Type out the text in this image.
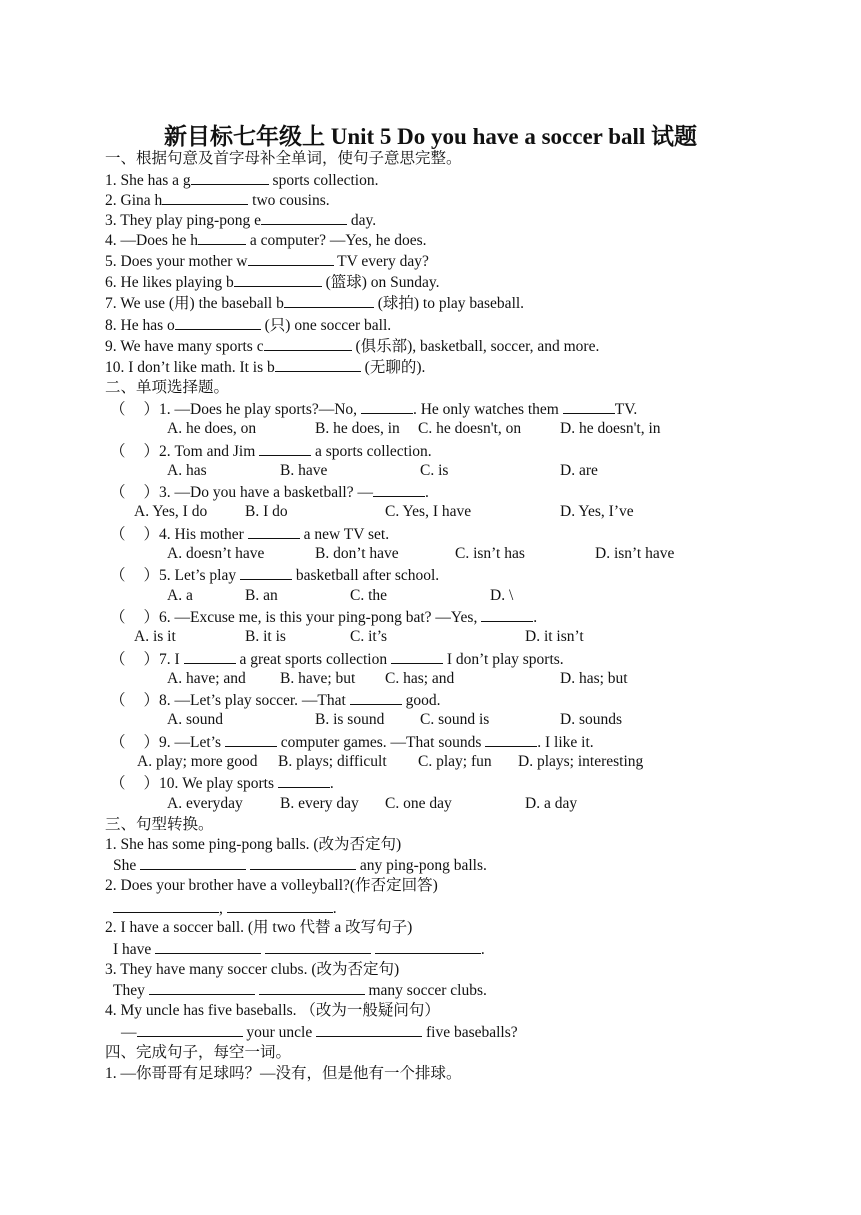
新目标七年级上 Unit 5 Do you have a soccer ball 试题
一、根据句意及首字母补全单词，使句子意思完整。
1. She has a g	sports collection.
2. Gina h	two cousins.
3. They play ping-pong e	day.
4. —Does he h	a computer? —Yes, he does.
5. Does your mother w	TV every day?
6. He likes playing b	(篮球) on Sunday.
7. We use (用) the baseball b	(球拍) to play baseball.
8. He has o	(只) one soccer ball.
9. We have many sports c	(俱乐部), basketball, soccer, and more.
10. I don’t like math. It is b	(无聊的).
二、单项选择题。
（ ）1. —Does he play sports?—No,	. He only watches them	TV.
A. he does, on	B. he does, in C. he doesn't, on	D. he doesn't, in
（ ）2. Tom and Jim	a sports collection.
A. has	B. have	C. is	D. are
（ ）3. —Do you have a basketball? —	.
A. Yes, I do B. I do	C. Yes, I have	D. Yes, I’ve
（ ）4. His mother	a new TV set.
A. doesn’t have	B. don’t have	C. isn’t has	D. isn’t have
（ ）5. Let’s play	basketball after school.
A. a	B. an	C. the	D. \
（ ）6. —Excuse me, is this your ping-pong bat? —Yes,	.
A. is it	B. it is	C. it’s	D. it isn’t
（ ）7. I	a great sports collection	I don’t play sports.
A. have; and B. have; but C. has; and	D. has; but
（ ）8. —Let’s play soccer. —That	good.
A. sound	B. is sound C. sound is	D. sounds
（ ）9. —Let’s	computer games. —That sounds	. I like it.
A. play; more good B. plays; difficult C. play; fun D. plays; interesting
（ ）10. We play sports	.
A. everyday B. every day C. one day	D. a day
三、句型转换。
1. She has some ping-pong balls. (改为否定句)
She	any ping-pong balls.
2. Does your brother have a volleyball?(作否定回答)
,	.
2. I have a soccer ball. (用 two 代替 a 改写句子)
I have	.
3. They have many soccer clubs. (改为否定句)
They	many soccer clubs.
4. My uncle has five baseballs. （改为一般疑问句）
—	your uncle	five baseballs?
四、完成句子，每空一词。
1. —你哥哥有足球吗？—没有，但是他有一个排球。
